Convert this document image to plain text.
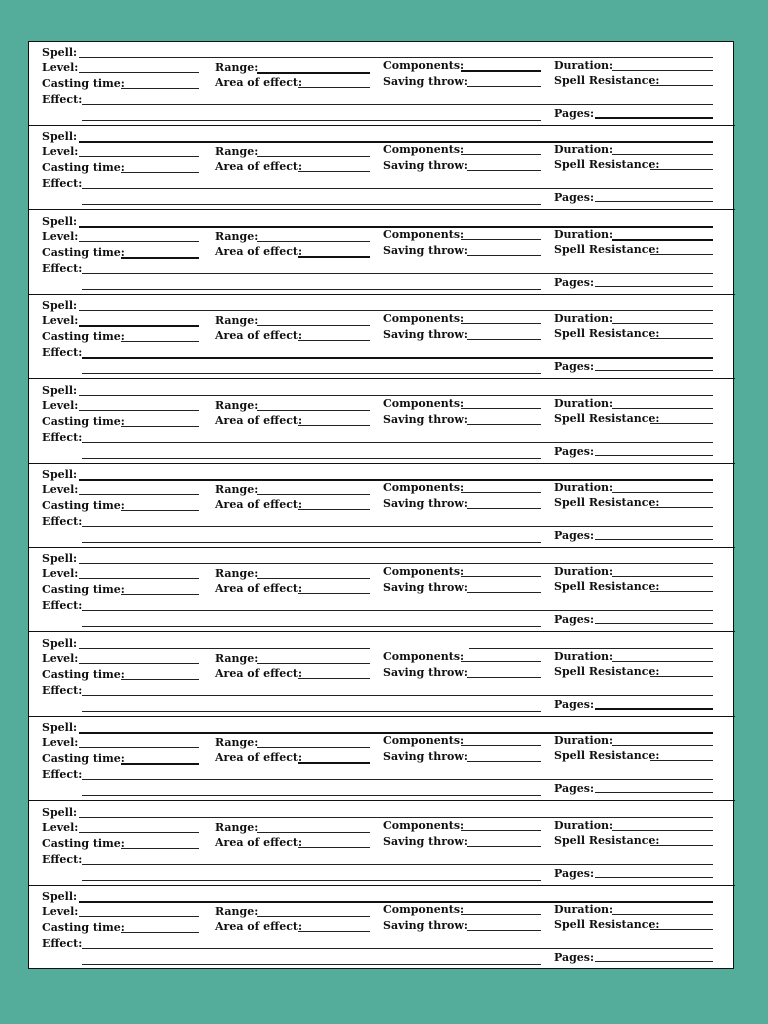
Spell:
Level:
Casting time:
Effect:
Range:
Area of effect:
Components:
Saving throw:
Duration:
Spell Resistance:
Pages:
Spell:
Level:
Casting time:
Effect:
Range:
Area of effect:
Components:
Saving throw:
Duration:
Spell Resistance:
Pages:
Spell:
Level:
Casting time:
Effect:
Range:
Area of effect:
Components:
Saving throw:
Duration:
Spell Resistance:
Pages:
Spell:
Level:
Casting time:
Effect:
Range:
Area of effect:
Components:
Saving throw:
Duration:
Spell Resistance:
Pages:
Spell:
Level:
Casting time:
Effect:
Range:
Area of effect:
Components:
Saving throw:
Duration:
Spell Resistance:
Pages:
Spell:
Level:
Casting time:
Effect:
Range:
Area of effect:
Components:
Saving throw:
Duration:
Spell Resistance:
Pages:
Spell:
Level:
Casting time:
Effect:
Range:
Area of effect:
Components:
Saving throw:
Duration:
Spell Resistance:
Pages:
Spell:
Level:
Casting time:
Effect:
Range:
Area of effect:
Components:
Saving throw:
Duration:
Spell Resistance:
Pages:
Spell:
Level:
Casting time:
Effect:
Range:
Area of effect:
Components:
Saving throw:
Duration:
Spell Resistance:
Pages:
Spell:
Level:
Casting time:
Effect:
Range:
Area of effect:
Components:
Saving throw:
Duration:
Spell Resistance:
Pages:
Spell:
Level:
Casting time:
Effect:
Range:
Area of effect:
Components:
Saving throw:
Duration:
Spell Resistance:
Pages:
